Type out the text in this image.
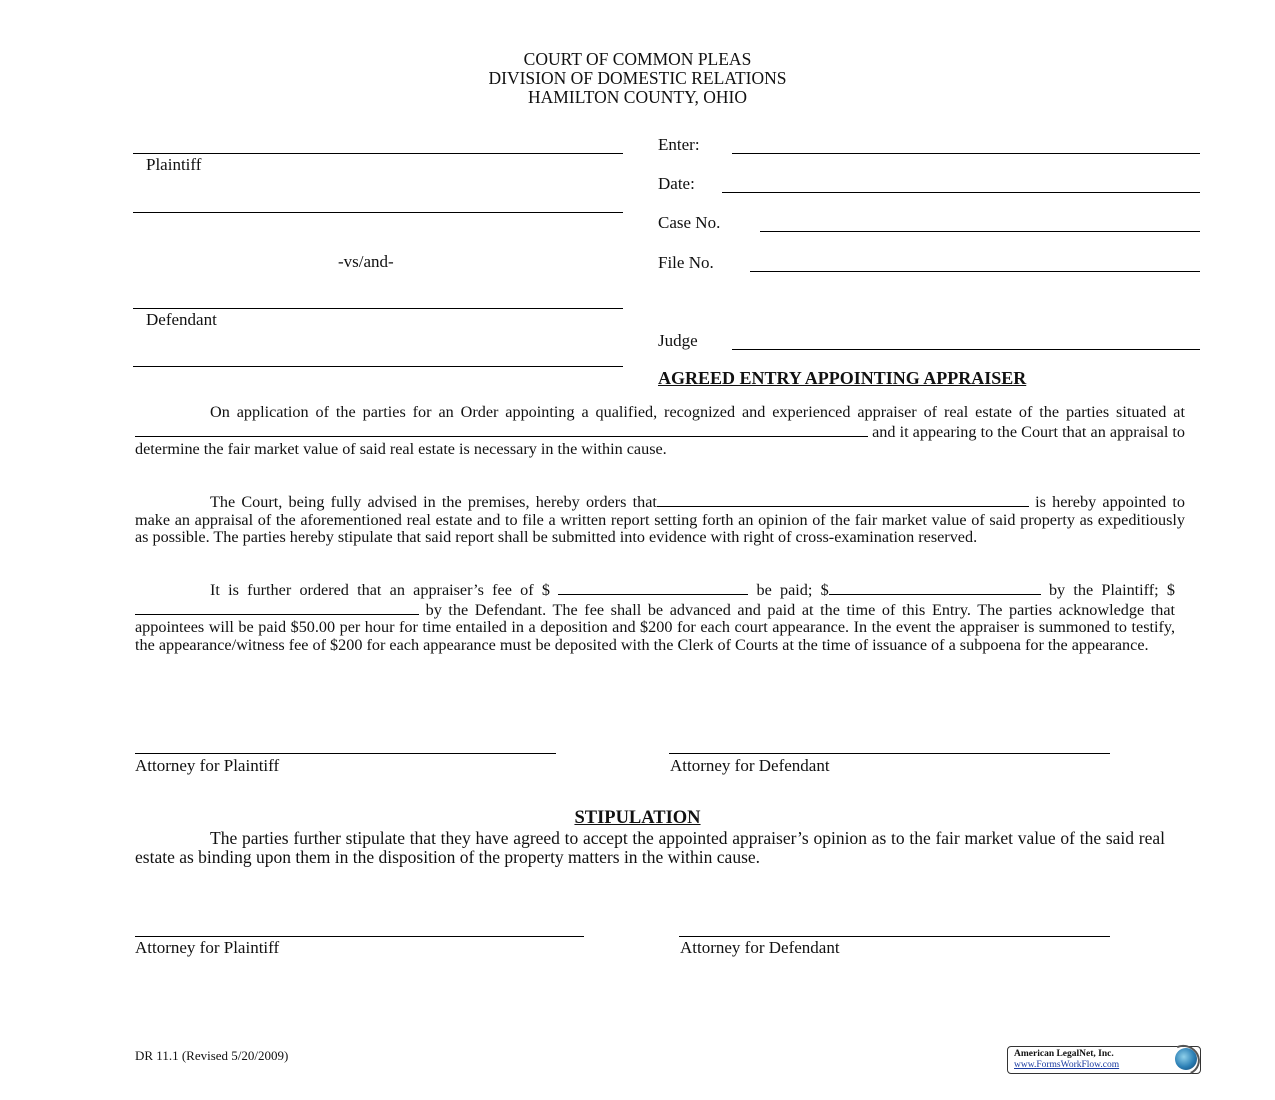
COURT OF COMMON PLEAS
DIVISION OF DOMESTIC RELATIONS
HAMILTON COUNTY, OHIO
Plaintiff
-vs/and-
Defendant
Enter:
Date:
Case No.
File No.
Judge
AGREED ENTRY APPOINTING APPRAISER
On application of the parties for an Order appointing a qualified, recognized and experienced appraiser of real estate of the parties situated at and it appearing to the Court that an appraisal to determine the fair market value of said real estate is necessary in the within cause.
The Court, being fully advised in the premises, hereby orders that	is hereby appointed to make an appraisal of the aforementioned real estate and to file a written report setting forth an opinion of the fair market value of said property as expeditiously as possible. The parties hereby stipulate that said report shall be submitted into evidence with right of cross-examination reserved.
It is further ordered that an appraiser’s fee of $	be paid; $	by the Plaintiff; $ by the Defendant. The fee shall be advanced and paid at the time of this Entry. The parties acknowledge that appointees will be paid $50.00 per hour for time entailed in a deposition and $200 for each court appearance. In the event the appraiser is summoned to testify, the appearance/witness fee of $200 for each appearance must be deposited with the Clerk of Courts at the time of issuance of a subpoena for the appearance.
Attorney for Plaintiff	Attorney for Defendant
STIPULATION
The parties further stipulate that they have agreed to accept the appointed appraiser’s opinion as to the fair market value of the said real estate as binding upon them in the disposition of the property matters in the within cause.
Attorney for Plaintiff	Attorney for Defendant
DR 11.1 (Revised 5/20/2009)	American LegalNet, Inc.
www.FormsWorkFlow.com
